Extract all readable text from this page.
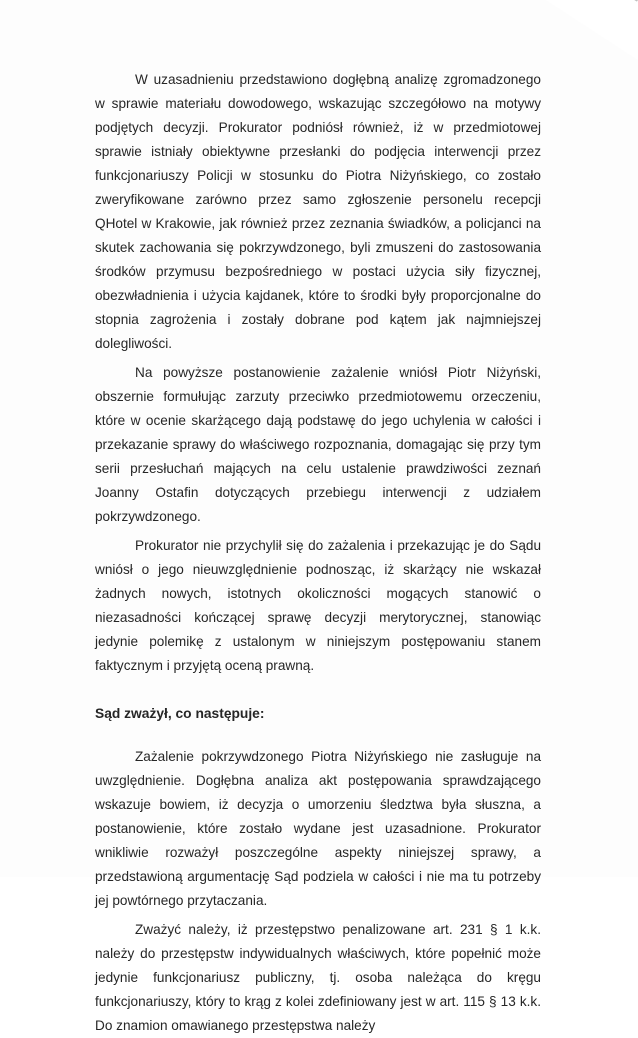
W uzasadnieniu przedstawiono dogłębną analizę zgromadzonego w sprawie materiału dowodowego, wskazując szczegółowo na motywy podjętych decyzji. Prokurator podniósł również, iż w przedmiotowej sprawie istniały obiektywne przesłanki do podjęcia interwencji przez funkcjonariuszy Policji w stosunku do Piotra Niżyńskiego, co zostało zweryfikowane zarówno przez samo zgłoszenie personelu recepcji QHotel w Krakowie, jak również przez zeznania świadków, a policjanci na skutek zachowania się pokrzywdzonego, byli zmuszeni do zastosowania środków przymusu bezpośredniego w postaci użycia siły fizycznej, obezwładnienia i użycia kajdanek, które to środki były proporcjonalne do stopnia zagrożenia i zostały dobrane pod kątem jak najmniejszej dolegliwości.

Na powyższe postanowienie zażalenie wniósł Piotr Niżyński, obszernie formułując zarzuty przeciwko przedmiotowemu orzeczeniu, które w ocenie skarżącego dają podstawę do jego uchylenia w całości i przekazanie sprawy do właściwego rozpoznania, domagając się przy tym serii przesłuchań mających na celu ustalenie prawdziwości zeznań Joanny Ostafin dotyczących przebiegu interwencji z udziałem pokrzywdzonego.

Prokurator nie przychylił się do zażalenia i przekazując je do Sądu wniósł o jego nieuwzględnienie podnosząc, iż skarżący nie wskazał żadnych nowych, istotnych okoliczności mogących stanowić o niezasadności kończącej sprawę decyzji merytorycznej, stanowiąc jedynie polemikę z ustalonym w niniejszym postępowaniu stanem faktycznym i przyjętą oceną prawną.

Sąd zważył, co następuje:

Zażalenie pokrzywdzonego Piotra Niżyńskiego nie zasługuje na uwzględnienie. Dogłębna analiza akt postępowania sprawdzającego wskazuje bowiem, iż decyzja o umorzeniu śledztwa była słuszna, a postanowienie, które zostało wydane jest uzasadnione. Prokurator wnikliwie rozważył poszczególne aspekty niniejszej sprawy, a przedstawioną argumentację Sąd podziela w całości i nie ma tu potrzeby jej powtórnego przytaczania.

Zważyć należy, iż przestępstwo penalizowane art. 231 § 1 k.k. należy do przestępstw indywidualnych właściwych, które popełnić może jedynie funkcjonariusz publiczny, tj. osoba należąca do kręgu funkcjonariuszy, który to krąg z kolei zdefiniowany jest w art. 115 § 13 k.k. Do znamion omawianego przestępstwa należy
